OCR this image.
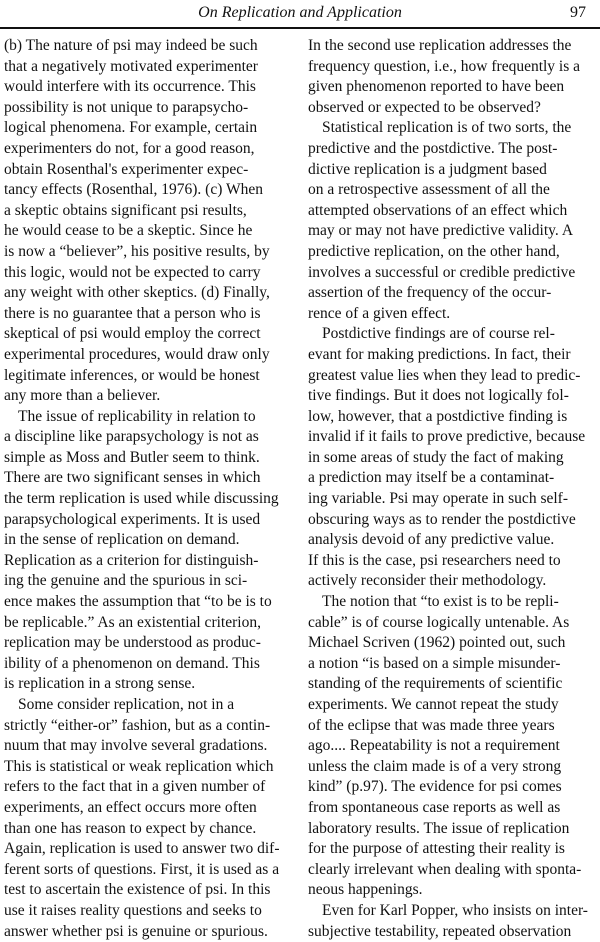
On Replication and Application	97
(b) The nature of psi may indeed be such
that a negatively motivated experimenter
would interfere with its occurrence. This
possibility is not unique to parapsycho-
logical phenomena. For example, certain
experimenters do not, for a good reason,
obtain Rosenthal's experimenter expec-
tancy effects (Rosenthal, 1976). (c) When
a skeptic obtains significant psi results,
he would cease to be a skeptic. Since he
is now a “believer”, his positive results, by
this logic, would not be expected to carry
any weight with other skeptics. (d) Finally,
there is no guarantee that a person who is
skeptical of psi would employ the correct
experimental procedures, would draw only
legitimate inferences, or would be honest
any more than a believer.
The issue of replicability in relation to
a discipline like parapsychology is not as
simple as Moss and Butler seem to think.
There are two significant senses in which
the term replication is used while discussing
parapsychological experiments. It is used
in the sense of replication on demand.
Replication as a criterion for distinguish-
ing the genuine and the spurious in sci-
ence makes the assumption that “to be is to
be replicable.” As an existential criterion,
replication may be understood as produc-
ibility of a phenomenon on demand. This
is replication in a strong sense.
Some consider replication, not in a
strictly “either-or” fashion, but as a contin-
nuum that may involve several gradations.
This is statistical or weak replication which
refers to the fact that in a given number of
experiments, an effect occurs more often
than one has reason to expect by chance.
Again, replication is used to answer two dif-
ferent sorts of questions. First, it is used as a
test to ascertain the existence of psi. In this
use it raises reality questions and seeks to
answer whether psi is genuine or spurious.
In the second use replication addresses the
frequency question, i.e., how frequently is a
given phenomenon reported to have been
observed or expected to be observed?
Statistical replication is of two sorts, the
predictive and the postdictive. The post-
dictive replication is a judgment based
on a retrospective assessment of all the
attempted observations of an effect which
may or may not have predictive validity. A
predictive replication, on the other hand,
involves a successful or credible predictive
assertion of the frequency of the occur-
rence of a given effect.
Postdictive findings are of course rel-
evant for making predictions. In fact, their
greatest value lies when they lead to predic-
tive findings. But it does not logically fol-
low, however, that a postdictive finding is
invalid if it fails to prove predictive, because
in some areas of study the fact of making
a prediction may itself be a contaminat-
ing variable. Psi may operate in such self-
obscuring ways as to render the postdictive
analysis devoid of any predictive value.
If this is the case, psi researchers need to
actively reconsider their methodology.
The notion that “to exist is to be repli-
cable” is of course logically untenable. As
Michael Scriven (1962) pointed out, such
a notion “is based on a simple misunder-
standing of the requirements of scientific
experiments. We cannot repeat the study
of the eclipse that was made three years
ago.... Repeatability is not a requirement
unless the claim made is of a very strong
kind” (p.97). The evidence for psi comes
from spontaneous case reports as well as
laboratory results. The issue of replication
for the purpose of attesting their reality is
clearly irrelevant when dealing with sponta-
neous happenings.
Even for Karl Popper, who insists on inter-
subjective testability, repeated observation
